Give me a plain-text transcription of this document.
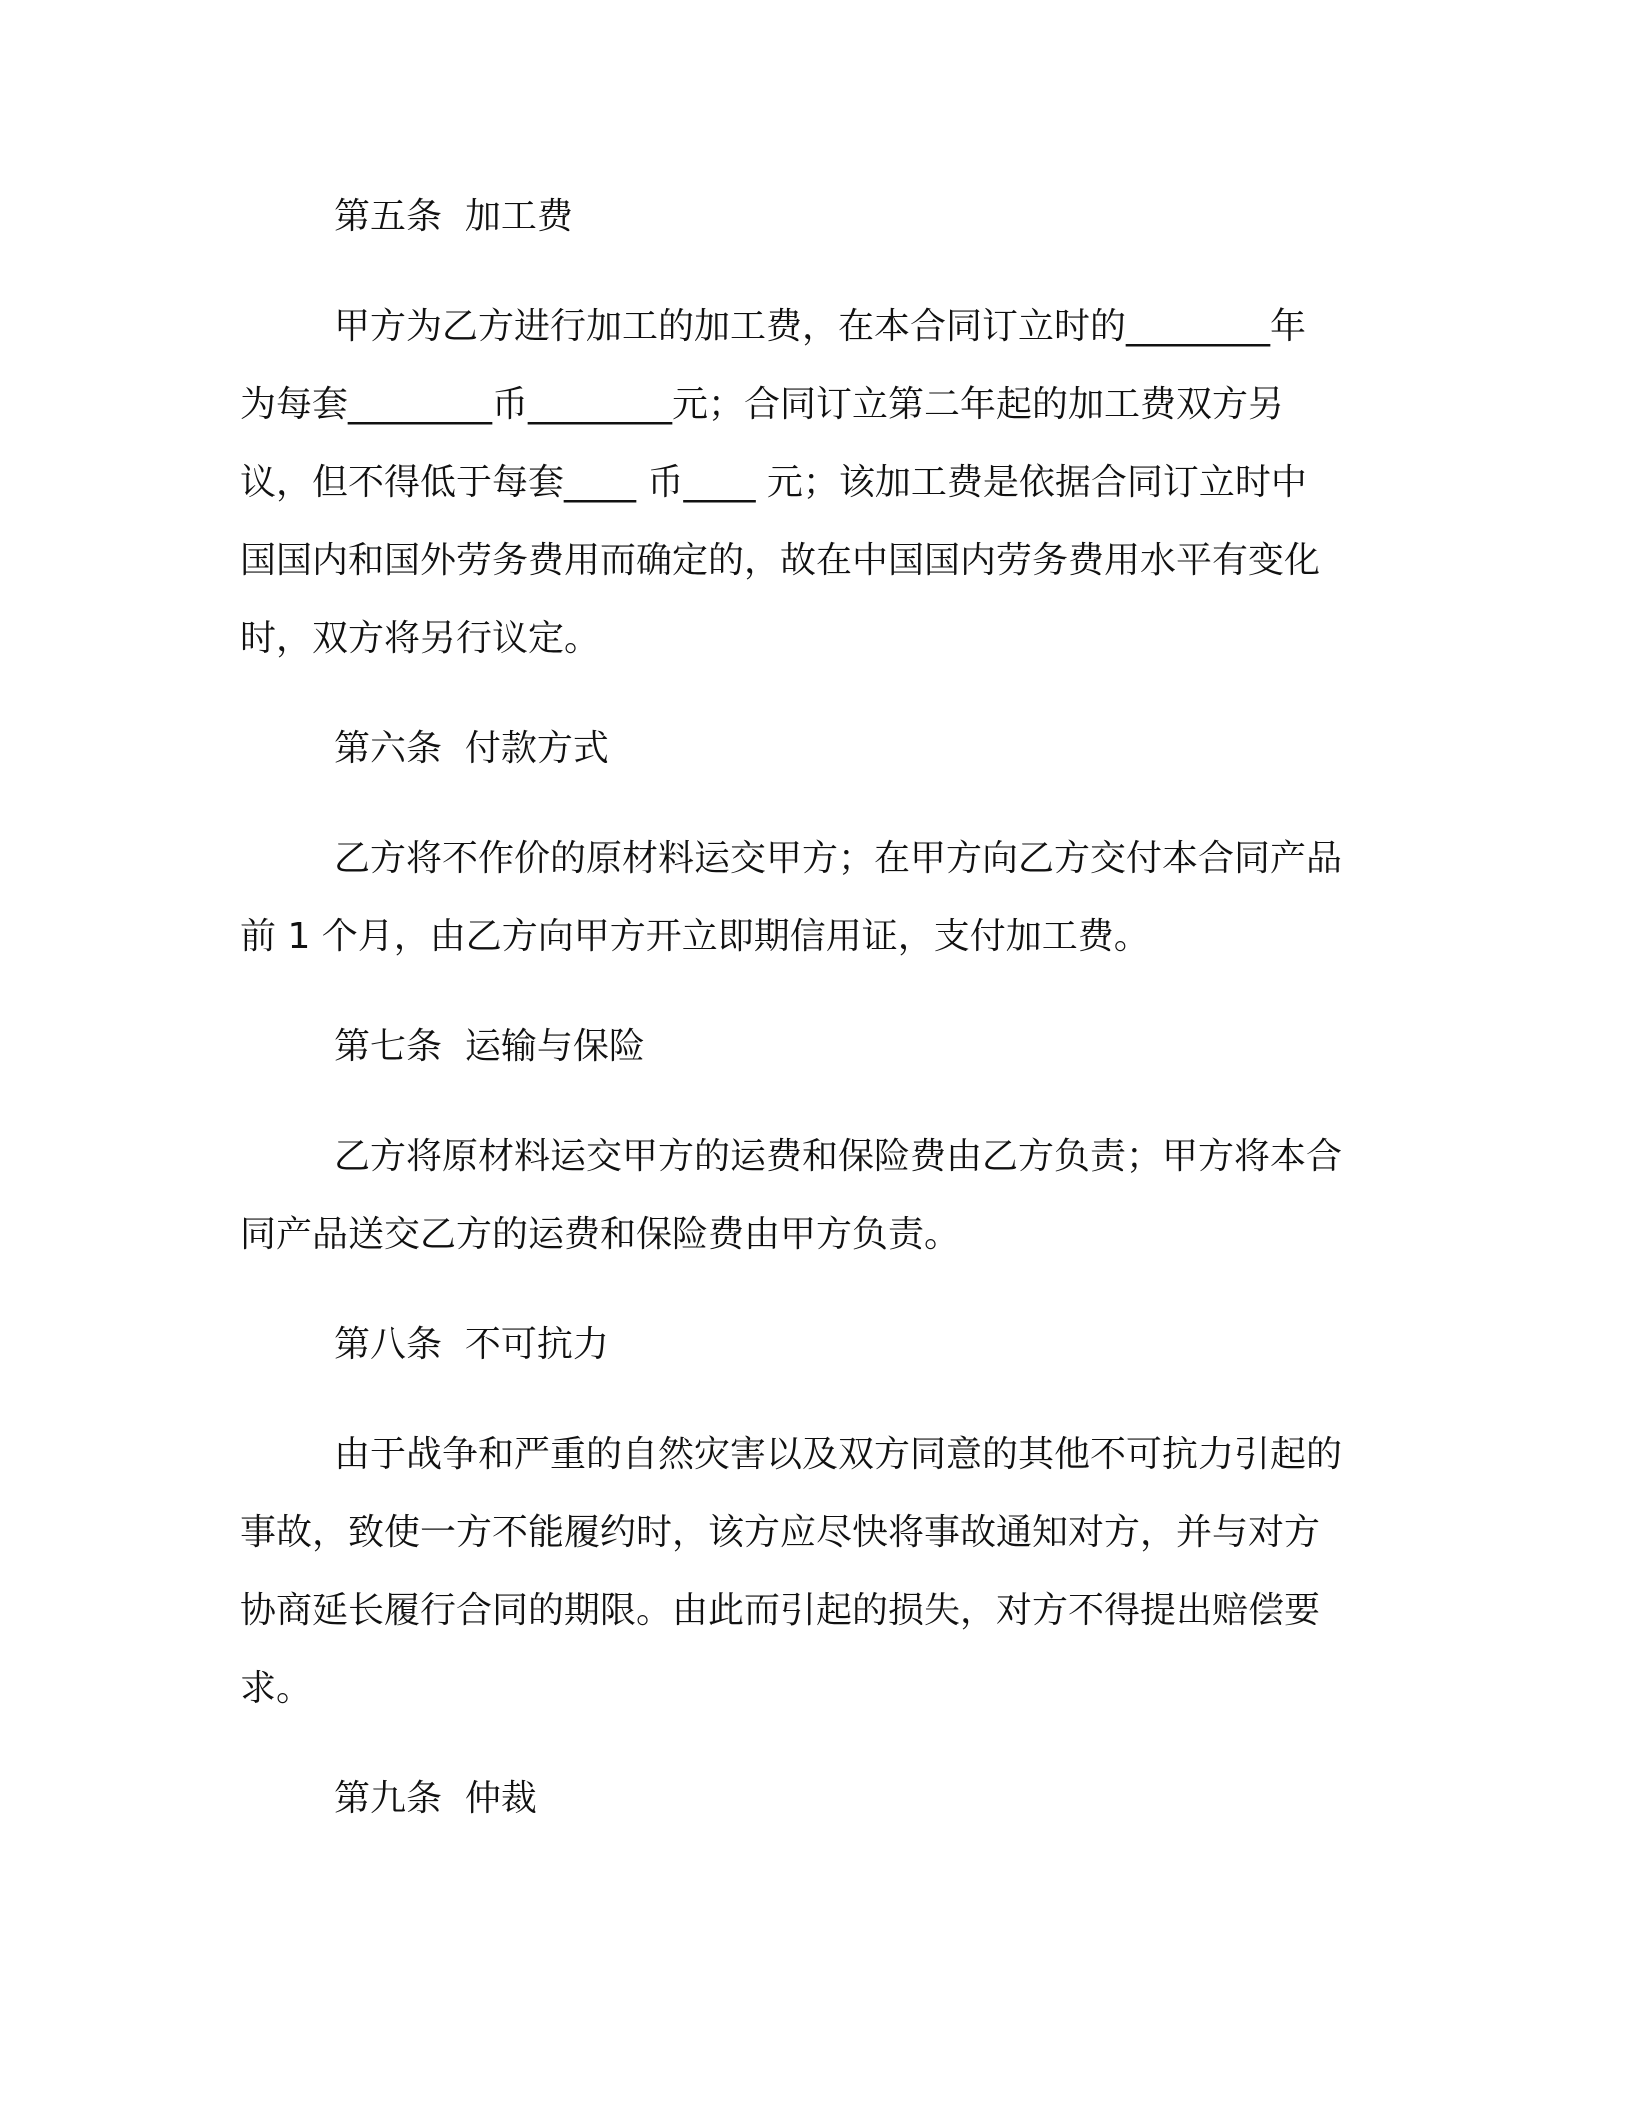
第五条  加工费
甲方为乙方进行加工的加工费，在本合同订立时的________年
为每套________币________元；合同订立第二年起的加工费双方另
议，但不得低于每套____ 币____ 元；该加工费是依据合同订立时中
国国内和国外劳务费用而确定的，故在中国国内劳务费用水平有变化
时，双方将另行议定。
第六条  付款方式
乙方将不作价的原材料运交甲方；在甲方向乙方交付本合同产品
前 1 个月，由乙方向甲方开立即期信用证，支付加工费。
第七条  运输与保险
乙方将原材料运交甲方的运费和保险费由乙方负责；甲方将本合
同产品送交乙方的运费和保险费由甲方负责。
第八条  不可抗力
由于战争和严重的自然灾害以及双方同意的其他不可抗力引起的
事故，致使一方不能履约时，该方应尽快将事故通知对方，并与对方
协商延长履行合同的期限。由此而引起的损失，对方不得提出赔偿要
求。
第九条  仲裁
